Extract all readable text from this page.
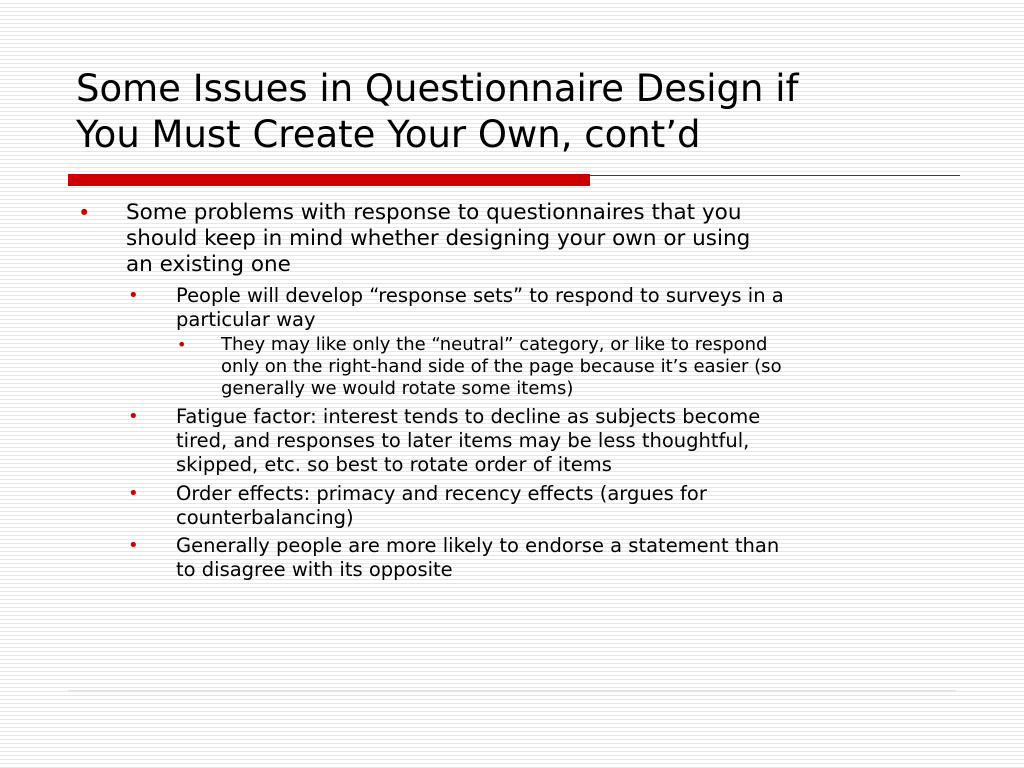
Some Issues in Questionnaire Design if
You Must Create Your Own, cont’d
• Some problems with response to questionnaires that you
should keep in mind whether designing your own or using
an existing one
• People will develop “response sets” to respond to surveys in a
particular way
• They may like only the “neutral” category, or like to respond
only on the right-hand side of the page because it’s easier (so
generally we would rotate some items)
• Fatigue factor: interest tends to decline as subjects become
tired, and responses to later items may be less thoughtful,
skipped, etc. so best to rotate order of items
• Order effects: primacy and recency effects (argues for
counterbalancing)
• Generally people are more likely to endorse a statement than
to disagree with its opposite
